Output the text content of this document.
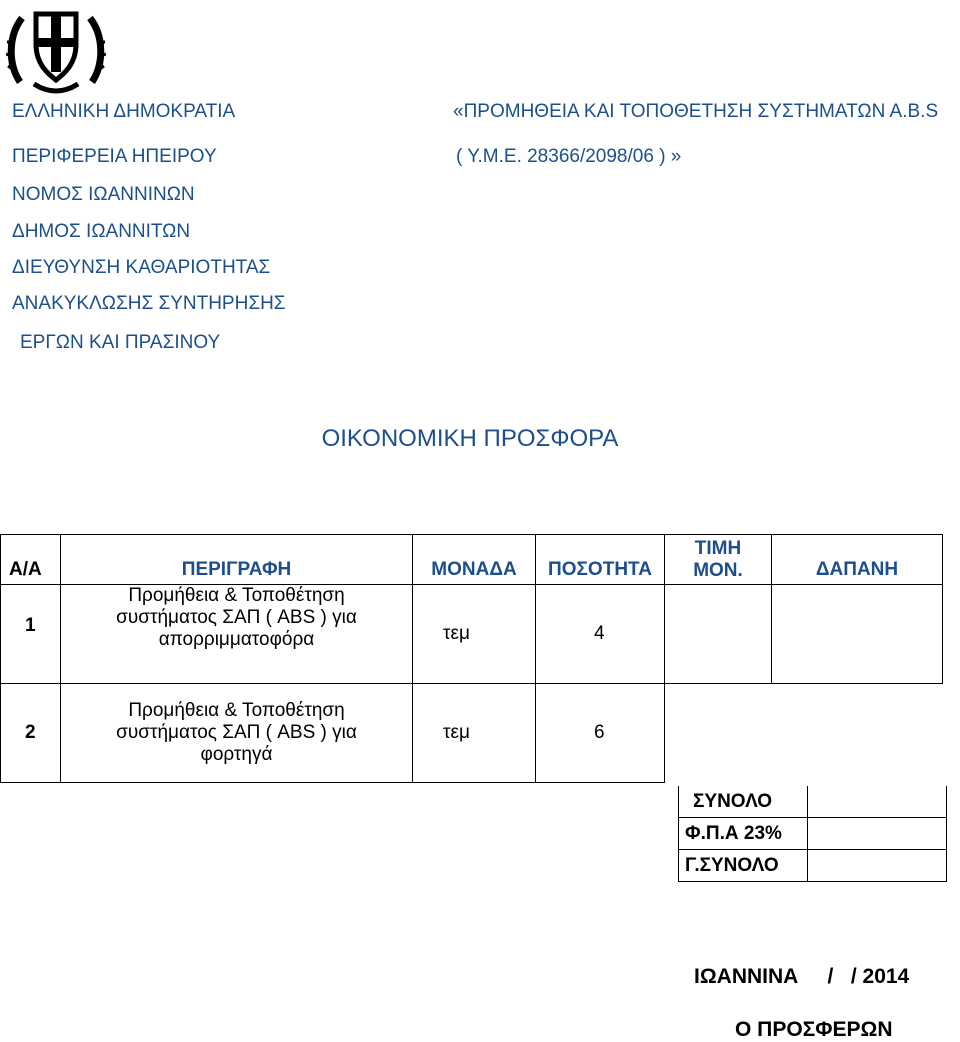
ΕΛΛΗΝΙΚΗ ΔΗΜΟΚΡΑΤΙΑ
ΠΕΡΙΦΕΡΕΙΑ ΗΠΕΙΡΟΥ
ΝΟΜΟΣ ΙΩΑΝΝΙΝΩΝ
ΔΗΜΟΣ ΙΩΑΝΝΙΤΩΝ
ΔΙΕΥΘΥΝΣΗ ΚΑΘΑΡΙΟΤΗΤΑΣ
ΑΝΑΚΥΚΛΩΣΗΣ ΣΥΝΤΗΡΗΣΗΣ
ΕΡΓΩΝ ΚΑΙ ΠΡΑΣΙΝΟΥ
«ΠΡΟΜΗΘΕΙΑ ΚΑΙ ΤΟΠΟΘΕΤΗΣΗ ΣΥΣΤΗΜΑΤΩΝ Α.Β.S
( Υ.Μ.Ε. 28366/2098/06 ) »
ΟΙΚΟΝΟΜΙΚΗ ΠΡΟΣΦΟΡΑ
Α/Α	ΠΕΡΙΓΡΑΦΗ	ΜΟΝΑΔΑ	ΠΟΣΟΤΗΤΑ	ΤΙΜΗ
ΜΟΝ.	ΔΑΠΑΝΗ
1	Προμήθεια & Τοποθέτηση
συστήματος ΣΑΠ ( ABS ) για
απορριμματοφόρα	τεμ	4		
2	Προμήθεια & Τοποθέτηση
συστήματος ΣΑΠ ( ABS ) για
φορτηγά	τεμ	6		
ΣΥΝΟΛΟ	
Φ.Π.Α 23%	
Γ.ΣΥΝΟΛΟ	
ΙΩΑΝΝΙΝΑ     /   / 2014
Ο ΠΡΟΣΦΕΡΩΝ
